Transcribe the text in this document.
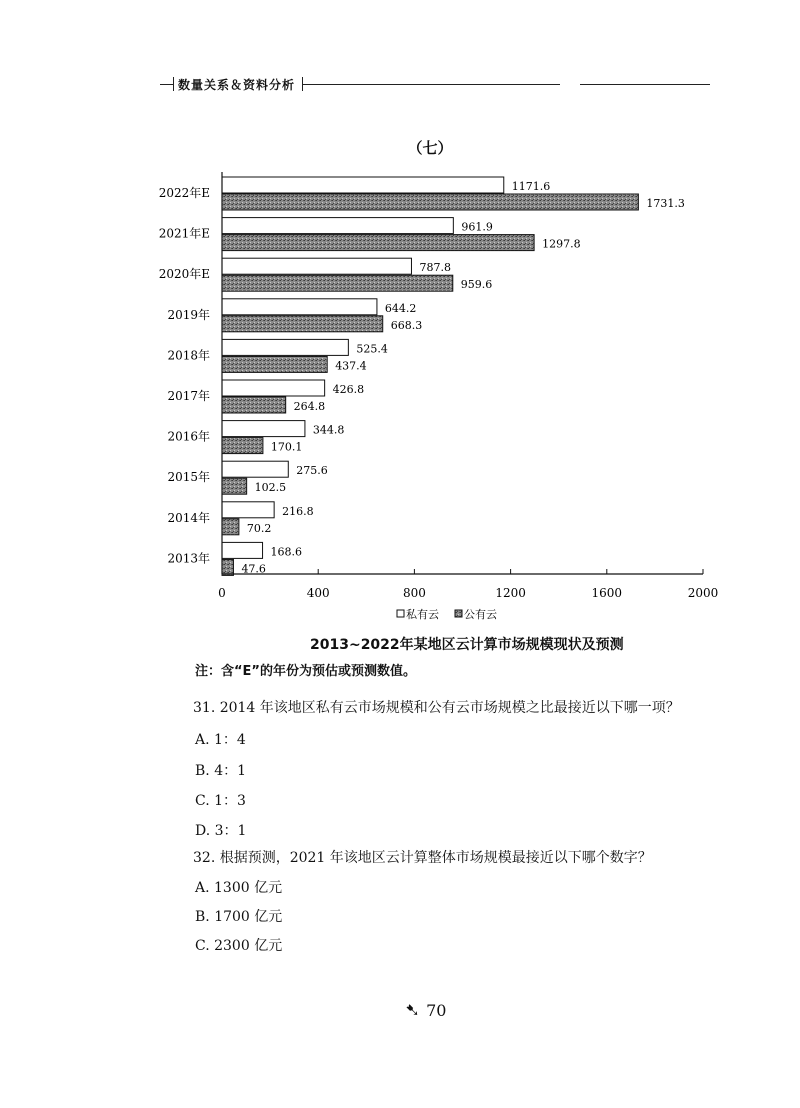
数量关系＆资料分析
（七）
1171.6
1731.3
961.9
1297.8
787.8
959.6
644.2
668.3
525.4
437.4
426.8
264.8
344.8
170.1
275.6
102.5
216.8
70.2
168.6
47.6
2022年E
2021年E
2020年E
2019年
2018年
2017年
2016年
2015年
2014年
2013年
0	400	800	1200	1600	2000
私有云 公有云
2013~2022年某地区云计算市场规模现状及预测
注：含“E”的年份为预估或预测数值。
31. 2014 年该地区私有云市场规模和公有云市场规模之比最接近以下哪一项？
A. 1：4
B. 4：1
C. 1：3
D. 3：1
32. 根据预测，2021 年该地区云计算整体市场规模最接近以下哪个数字？
A. 1300 亿元
B. 1700 亿元
C. 2300 亿元
➷ 70
